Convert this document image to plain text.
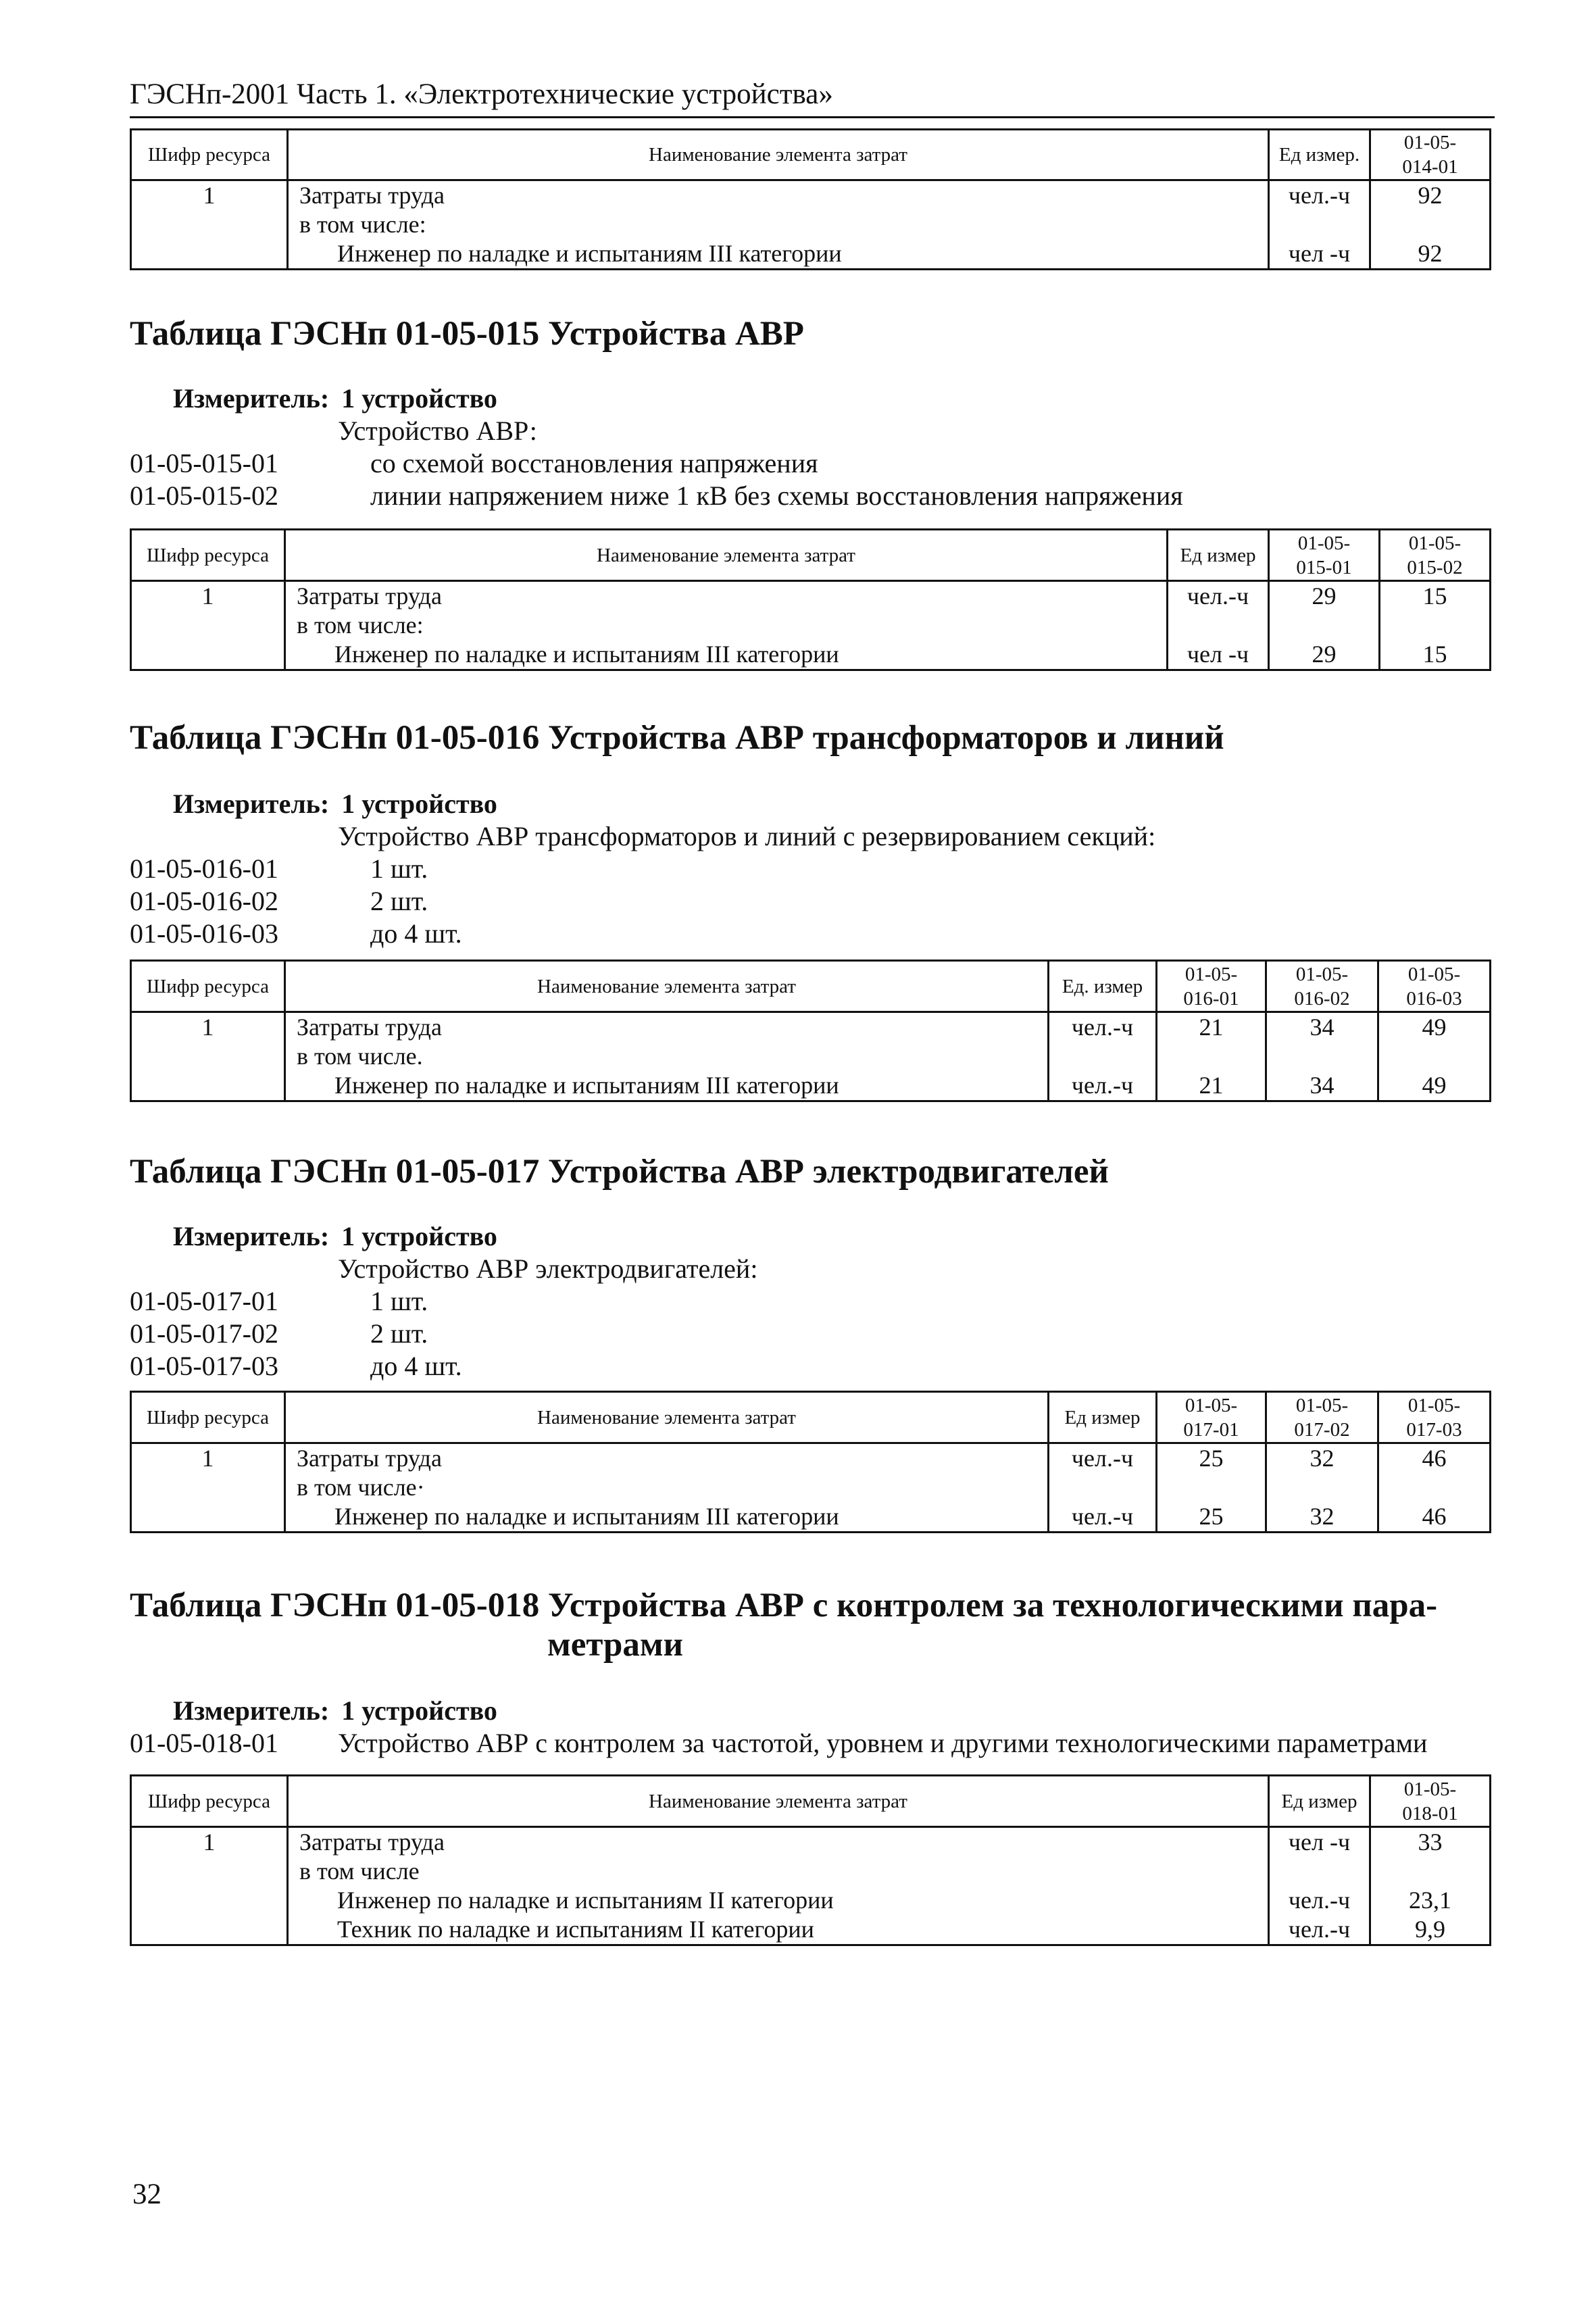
ГЭСНп-2001 Часть 1. «Электротехнические устройства»
Шифр ресурса	Наименование элемента затрат	Ед измер.	01-05-
014-01
1	Затраты труда	чел.-ч	92
	в том числе:		
	Инженер по наладке и испытаниям III категории	чел -ч	92
Таблица ГЭСНп 01-05-015 Устройства АВР
Измеритель: 1 устройство
Устройство АВР:
01-05-015-01	со схемой восстановления напряжения
01-05-015-02	линии напряжением ниже 1 кВ без схемы восстановления напряжения
Шифр ресурса	Наименование элемента затрат	Ед измер	01-05-
015-01	01-05-
015-02
1	Затраты труда	чел.-ч	29	15
	в том числе:			
	Инженер по наладке и испытаниям III категории	чел -ч	29	15
Таблица ГЭСНп 01-05-016 Устройства АВР трансформаторов и линий
Измеритель: 1 устройство
Устройство АВР трансформаторов и линий с резервированием секций:
01-05-016-01	1 шт.
01-05-016-02	2 шт.
01-05-016-03	до 4 шт.
Шифр ресурса	Наименование элемента затрат	Ед. измер	01-05-
016-01	01-05-
016-02	01-05-
016-03
1	Затраты труда	чел.-ч	21	34	49
	в том числе.				
	Инженер по наладке и испытаниям III категории	чел.-ч	21	34	49
Таблица ГЭСНп 01-05-017 Устройства АВР электродвигателей
Измеритель: 1 устройство
Устройство АВР электродвигателей:
01-05-017-01	1 шт.
01-05-017-02	2 шт.
01-05-017-03	до 4 шт.
Шифр ресурса	Наименование элемента затрат	Ед измер	01-05-
017-01	01-05-
017-02	01-05-
017-03
1	Затраты труда	чел.-ч	25	32	46
	в том числе·				
	Инженер по наладке и испытаниям III категории	чел.-ч	25	32	46
Таблица ГЭСНп 01-05-018 Устройства АВР с контролем за технологическими пара-
метрами
Измеритель: 1 устройство
01-05-018-01 Устройство АВР с контролем за частотой, уровнем и другими технологическими параметрами
Шифр ресурса	Наименование элемента затрат	Ед измер	01-05-
018-01
1	Затраты труда	чел -ч	33
	в том числе		
	Инженер по наладке и испытаниям II категории	чел.-ч	23,1
	Техник по наладке и испытаниям II категории	чел.-ч	9,9
32
